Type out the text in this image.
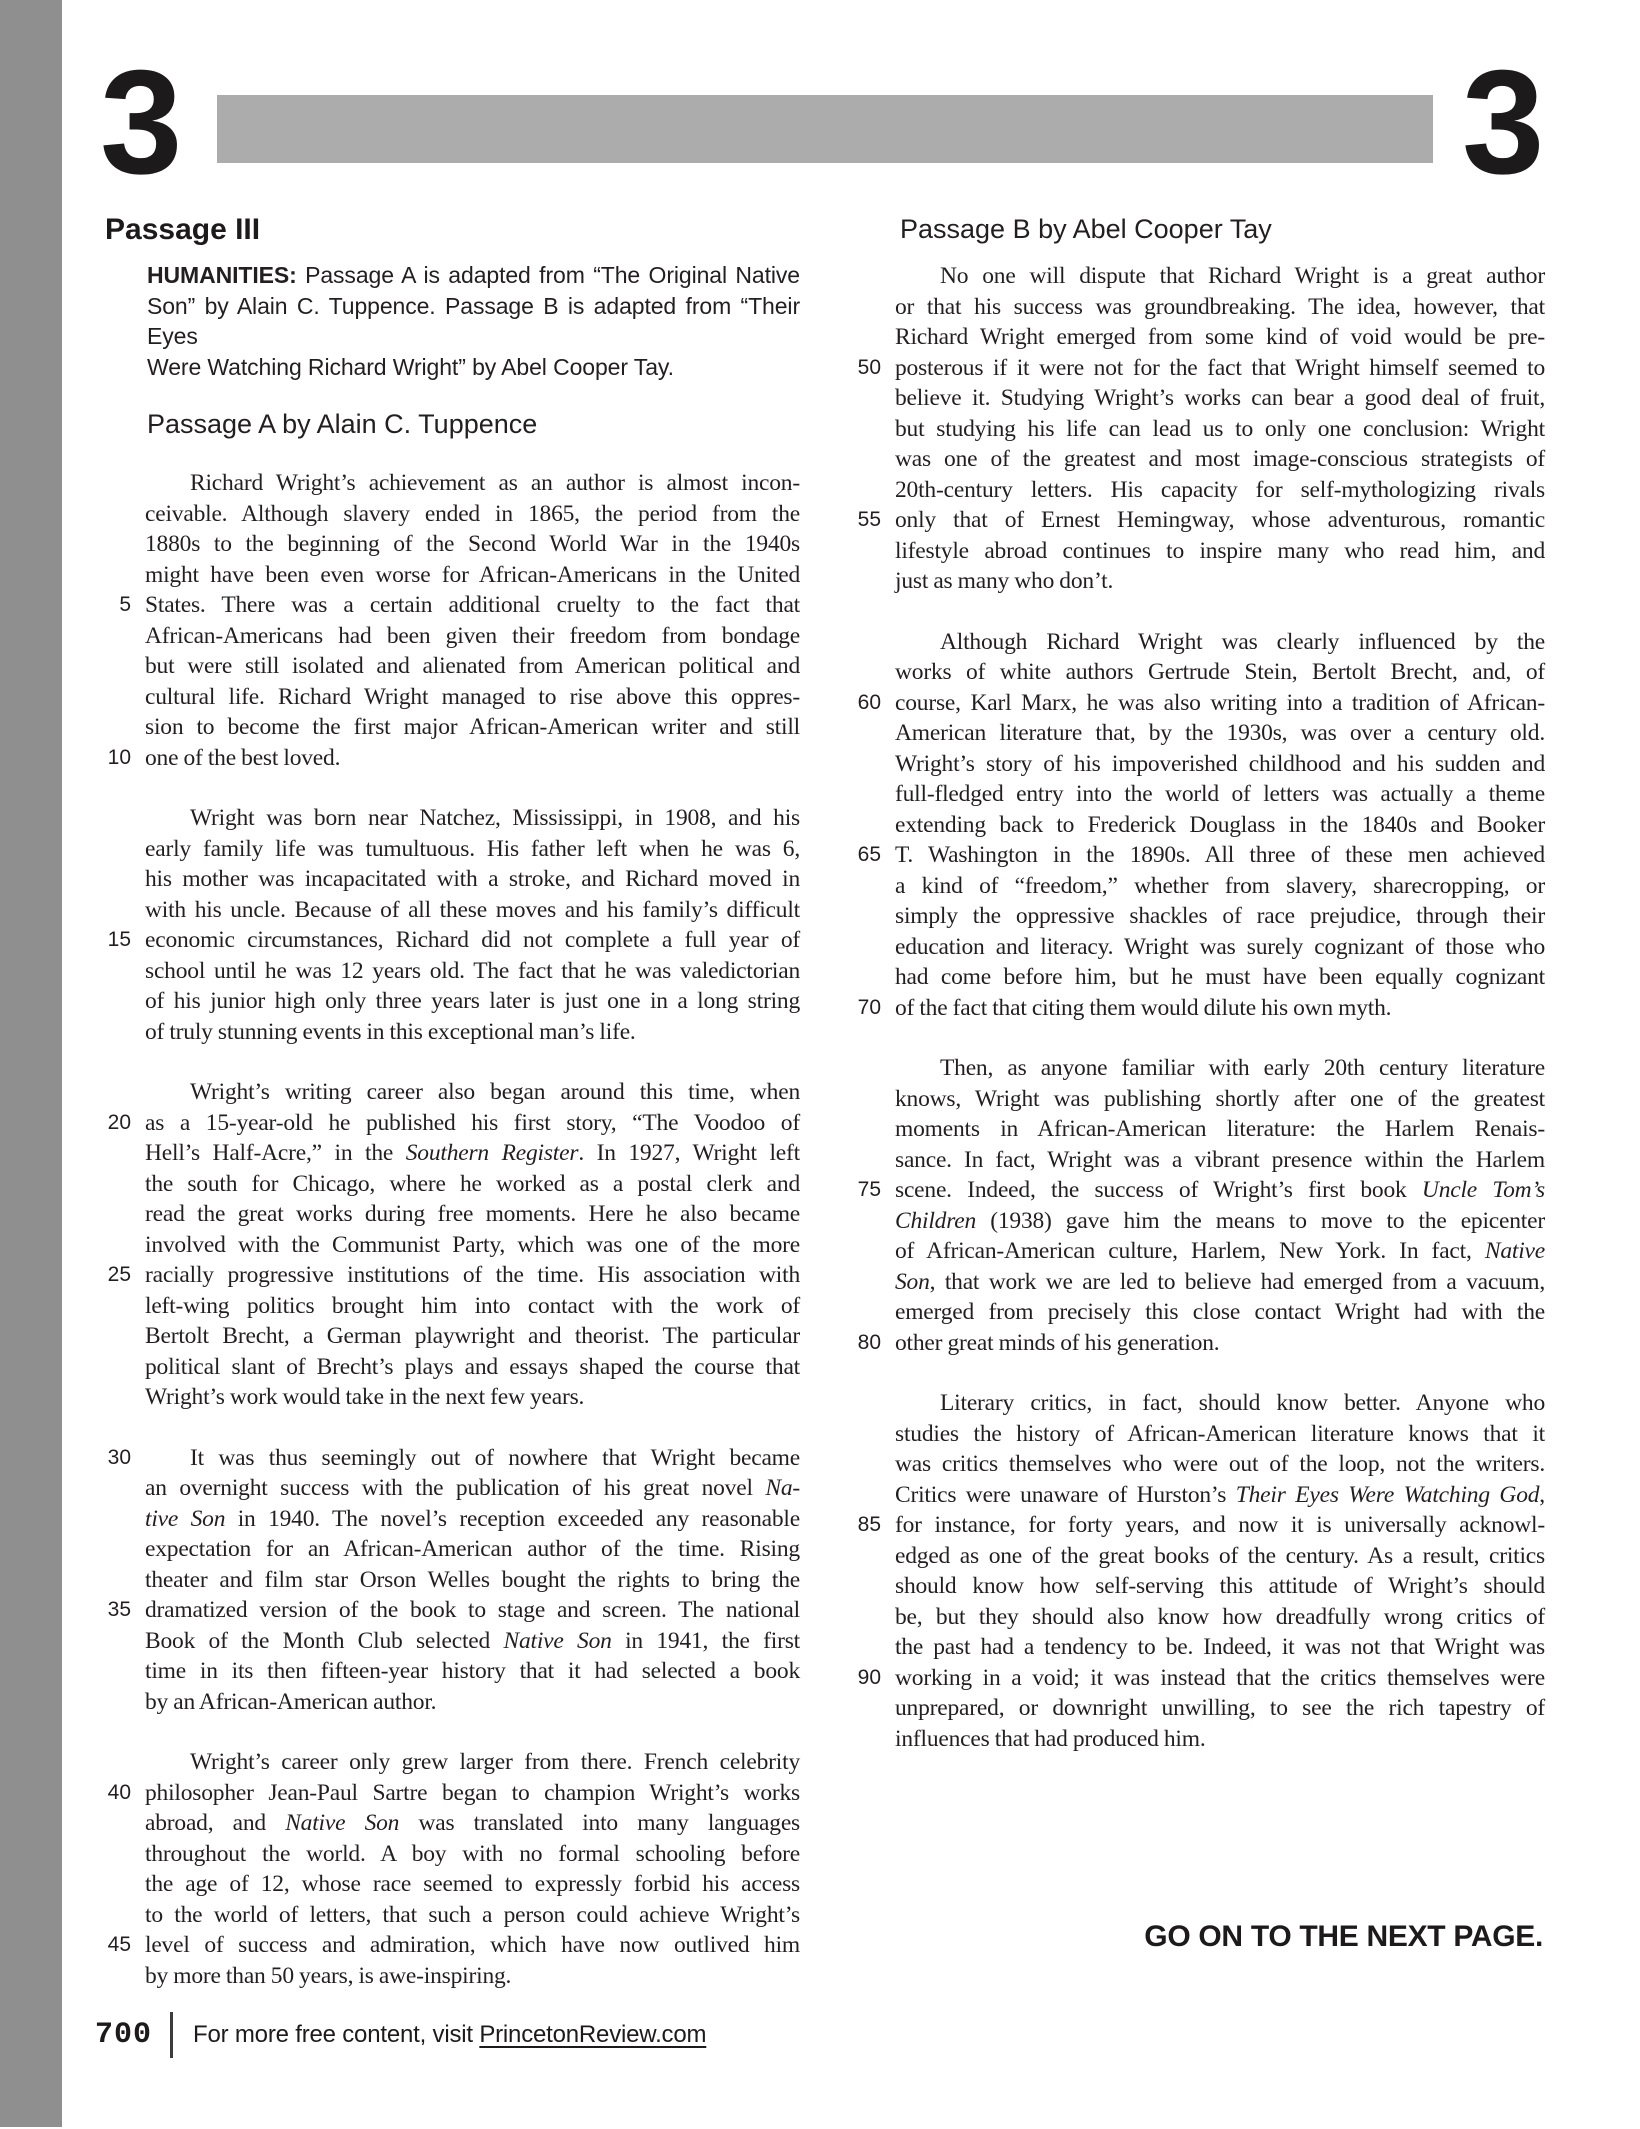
3	3
Passage III
HUMANITIES: Passage A is adapted from “The Original Native
Son” by Alain C. Tuppence. Passage B is adapted from “Their Eyes
Were Watching Richard Wright” by Abel Cooper Tay.
Passage A by Alain C. Tuppence
Richard Wright’s achievement as an author is almost incon-
ceivable. Although slavery ended in 1865, the period from the
1880s to the beginning of the Second World War in the 1940s
might have been even worse for African-Americans in the United
5 States. There was a certain additional cruelty to the fact that
African-Americans had been given their freedom from bondage
but were still isolated and alienated from American political and
cultural life. Richard Wright managed to rise above this oppres-
sion to become the first major African-American writer and still
10 one of the best loved.
Wright was born near Natchez, Mississippi, in 1908, and his
early family life was tumultuous. His father left when he was 6,
his mother was incapacitated with a stroke, and Richard moved in
with his uncle. Because of all these moves and his family’s difficult
15 economic circumstances, Richard did not complete a full year of
school until he was 12 years old. The fact that he was valedictorian
of his junior high only three years later is just one in a long string
of truly stunning events in this exceptional man’s life.
Wright’s writing career also began around this time, when
20 as a 15-year-old he published his first story, “The Voodoo of
Hell’s Half-Acre,” in the Southern Register. In 1927, Wright left
the south for Chicago, where he worked as a postal clerk and
read the great works during free moments. Here he also became
involved with the Communist Party, which was one of the more
25 racially progressive institutions of the time. His association with
left-wing politics brought him into contact with the work of
Bertolt Brecht, a German playwright and theorist. The particular
political slant of Brecht’s plays and essays shaped the course that
Wright’s work would take in the next few years.
30	It was thus seemingly out of nowhere that Wright became
an overnight success with the publication of his great novel Na-
tive Son in 1940. The novel’s reception exceeded any reasonable
expectation for an African-American author of the time. Rising
theater and film star Orson Welles bought the rights to bring the
35 dramatized version of the book to stage and screen. The national
Book of the Month Club selected Native Son in 1941, the first
time in its then fifteen-year history that it had selected a book
by an African-American author.
Wright’s career only grew larger from there. French celebrity
40 philosopher Jean-Paul Sartre began to champion Wright’s works
abroad, and Native Son was translated into many languages
throughout the world. A boy with no formal schooling before
the age of 12, whose race seemed to expressly forbid his access
to the world of letters, that such a person could achieve Wright’s
45 level of success and admiration, which have now outlived him
by more than 50 years, is awe-inspiring.
Passage B by Abel Cooper Tay
No one will dispute that Richard Wright is a great author
or that his success was groundbreaking. The idea, however, that
Richard Wright emerged from some kind of void would be pre-
50 posterous if it were not for the fact that Wright himself seemed to
believe it. Studying Wright’s works can bear a good deal of fruit,
but studying his life can lead us to only one conclusion: Wright
was one of the greatest and most image-conscious strategists of
20th-century letters. His capacity for self-mythologizing rivals
55 only that of Ernest Hemingway, whose adventurous, romantic
lifestyle abroad continues to inspire many who read him, and
just as many who don’t.
Although Richard Wright was clearly influenced by the
works of white authors Gertrude Stein, Bertolt Brecht, and, of
60 course, Karl Marx, he was also writing into a tradition of African-
American literature that, by the 1930s, was over a century old.
Wright’s story of his impoverished childhood and his sudden and
full-fledged entry into the world of letters was actually a theme
extending back to Frederick Douglass in the 1840s and Booker
65 T. Washington in the 1890s. All three of these men achieved
a kind of “freedom,” whether from slavery, sharecropping, or
simply the oppressive shackles of race prejudice, through their
education and literacy. Wright was surely cognizant of those who
had come before him, but he must have been equally cognizant
70 of the fact that citing them would dilute his own myth.
Then, as anyone familiar with early 20th century literature
knows, Wright was publishing shortly after one of the greatest
moments in African-American literature: the Harlem Renais-
sance. In fact, Wright was a vibrant presence within the Harlem
75 scene. Indeed, the success of Wright’s first book Uncle Tom’s
Children (1938) gave him the means to move to the epicenter
of African-American culture, Harlem, New York. In fact, Native
Son, that work we are led to believe had emerged from a vacuum,
emerged from precisely this close contact Wright had with the
80 other great minds of his generation.
Literary critics, in fact, should know better. Anyone who
studies the history of African-American literature knows that it
was critics themselves who were out of the loop, not the writers.
Critics were unaware of Hurston’s Their Eyes Were Watching God,
85 for instance, for forty years, and now it is universally acknowl-
edged as one of the great books of the century. As a result, critics
should know how self-serving this attitude of Wright’s should
be, but they should also know how dreadfully wrong critics of
the past had a tendency to be. Indeed, it was not that Wright was
90 working in a void; it was instead that the critics themselves were
unprepared, or downright unwilling, to see the rich tapestry of
influences that had produced him.
GO ON TO THE NEXT PAGE.
700 For more free content, visit PrincetonReview.com
